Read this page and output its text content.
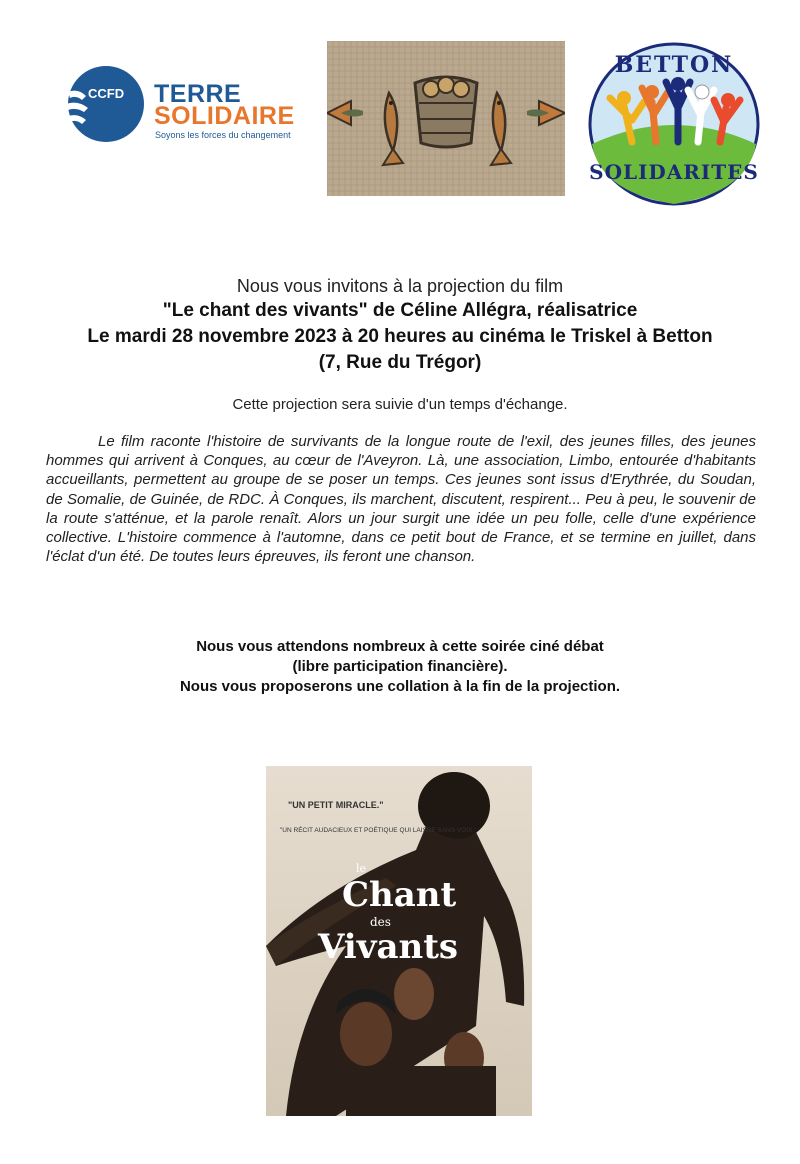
CCFD TERRE
SOLIDAIRE
Soyons les forces du changement
BETTON
SOLIDARITES
Nous vous invitons à la projection du film
"Le chant des vivants" de Céline Allégra, réalisatrice
Le mardi 28 novembre 2023 à 20 heures au cinéma le Triskel à Betton
(7, Rue du Trégor)
Cette projection sera suivie d'un temps d'échange.

Le film raconte l'histoire de survivants de la longue route de l'exil, des jeunes filles, des jeunes hommes qui arrivent à Conques, au cœur de l'Aveyron. Là, une association, Limbo, entourée d'habitants accueillants, permettent au groupe de se poser un temps. Ces jeunes sont issus d'Erythrée, du Soudan, de Somalie, de Guinée, de RDC. À Conques, ils marchent, discutent, respirent... Peu à peu, le souvenir de la route s'atténue, et la parole renaît. Alors un jour surgit une idée un peu folle, celle d'une expérience collective. L'histoire commence à l'automne, dans ce petit bout de France, et se termine en juillet, dans l'éclat d'un été. De toutes leurs épreuves, ils feront une chanson.

Nous vous attendons nombreux à cette soirée ciné débat
(libre participation financière).
Nous vous proposerons une collation à la fin de la projection.
"UN PETIT MIRACLE."
"UN RÉCIT AUDACIEUX ET POÉTIQUE QUI LAISSE SANS VOIX."
le
Chant
des
Vivants
